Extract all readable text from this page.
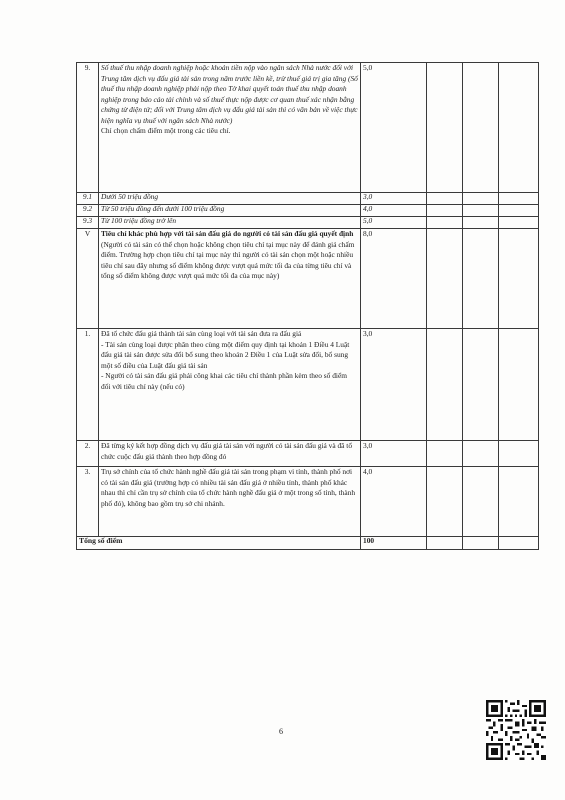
9.	Số thuế thu nhập doanh nghiệp hoặc khoản tiền nộp vào ngân sách Nhà nước đối với Trung tâm dịch vụ đấu giá tài sản trong năm trước liền kề, trừ thuế giá trị gia tăng (Số thuế thu nhập doanh nghiệp phải nộp theo Tờ khai quyết toán thuế thu nhập doanh nghiệp trong báo cáo tài chính và số thuế thực nộp được cơ quan thuế xác nhận bằng chứng từ điện tử; đối với Trung tâm dịch vụ đấu giá tài sản thì có văn bản về việc thực hiện nghĩa vụ thuế với ngân sách Nhà nước)
Chỉ chọn chấm điểm một trong các tiêu chí.	5,0			
9.1	Dưới 50 triệu đồng	3,0			
9.2	Từ 50 triệu đồng đến dưới 100 triệu đồng	4,0			
9.3	Từ 100 triệu đồng trở lên	5,0			
V	Tiêu chí khác phù hợp với tài sản đấu giá do người có tài sản đấu giá quyết định (Người có tài sản có thể chọn hoặc không chọn tiêu chí tại mục này để đánh giá chấm điểm. Trường hợp chọn tiêu chí tại mục này thì người có tài sản chọn một hoặc nhiều tiêu chí sau đây nhưng số điểm không được vượt quá mức tối đa của từng tiêu chí và tổng số điểm không được vượt quá mức tối đa của mục này)	8,0			
1.	Đã tổ chức đấu giá thành tài sản cùng loại với tài sản đưa ra đấu giá
- Tài sản cùng loại được phân theo cùng một điểm quy định tại khoản 1 Điều 4 Luật đấu giá tài sản được sửa đổi bổ sung theo khoản 2 Điều 1 của Luật sửa đổi, bổ sung một số điều của Luật đấu giá tài sản
- Người có tài sản đấu giá phải công khai các tiêu chí thành phần kèm theo số điểm đối với tiêu chí này (nếu có)	3,0			
2.	Đã từng ký kết hợp đồng dịch vụ đấu giá tài sản với người có tài sản đấu giá và đã tổ chức cuộc đấu giá thành theo hợp đồng đó	3,0			
3.	Trụ sở chính của tổ chức hành nghề đấu giá tài sản trong phạm vi tỉnh, thành phố nơi có tài sản đấu giá (trường hợp có nhiều tài sản đấu giá ở nhiều tỉnh, thành phố khác nhau thì chỉ cần trụ sở chính của tổ chức hành nghề đấu giá ở một trong số tỉnh, thành phố đó), không bao gồm trụ sở chi nhánh.	4,0			
Tổng số điểm		100			
6
